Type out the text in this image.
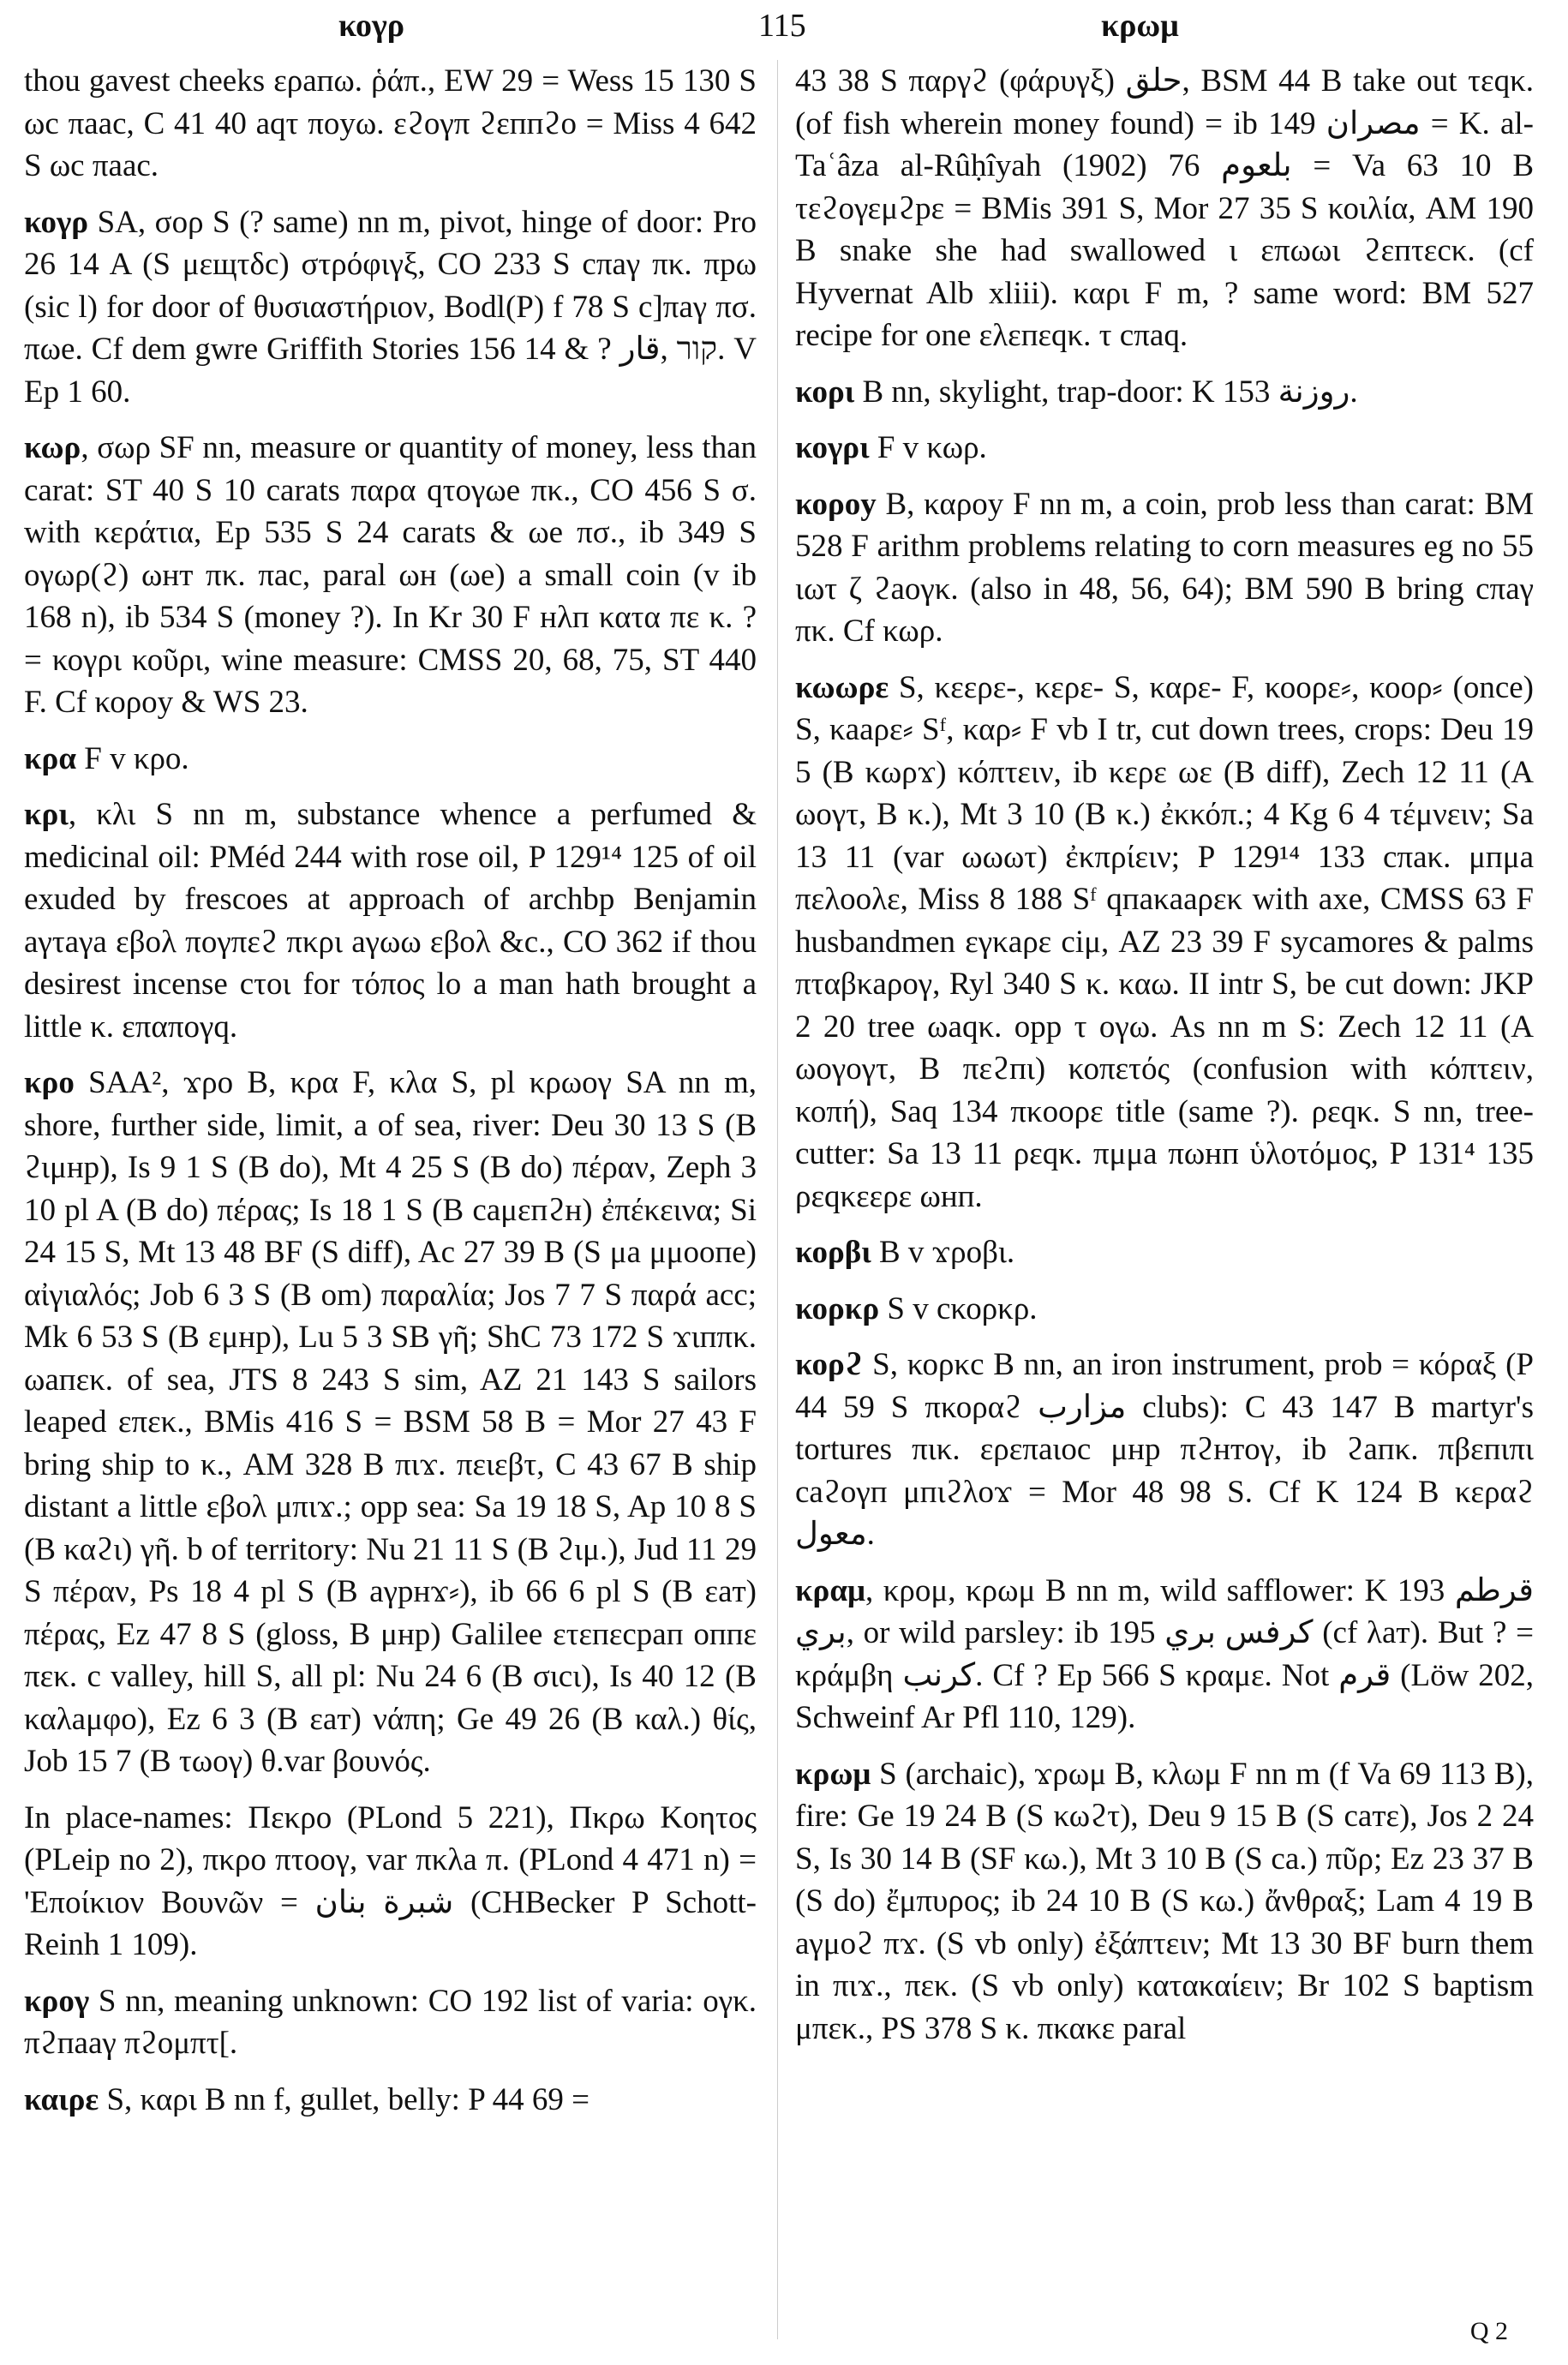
κογρ	115	κρωμ

thou gavest cheeks ερaпω. ῥάπ., EW 29 = Wess 15 130 S ωc πaac, C 41 40 aqτ ποyω. εϩογπ ϩεппϩo = Miss 4 642 S ωc πaac.

κογρ SA, σορ S (? same) nn m, pivot, hinge of door: Pro 26 14 A (S μεщτδc) στρόφιγξ, CO 233 S cπaγ πκ. πpω (sic l) for door of θυσιαστήριον, Bodl(P) f 78 S c]πaγ πσ. πωe. Cf dem gwre Griffith Stories 156 14 & ? קור ,قار. V Ep 1 60.

κωρ, σωρ SF nn, measure or quantity of money, less than carat: ST 40 S 10 carats παρα qτογωe πκ., CO 456 S σ. with κεράτια, Ep 535 S 24 carats & ωe πσ., ib 349 S ογωρ(ϩ) ωнт πκ. πac, paral ωн (ωe) a small coin (v ib 168 n), ib 534 S (money ?). In Kr 30 F нλп κατα πε κ. ? = κογρι κοῦρι, wine measure: CMSS 20, 68, 75, ST 440 F. Cf κοροy & WS 23.

κρα F v κρο.

κρι, κλι S nn m, substance whence a perfumed & medicinal oil: PMéd 244 with rose oil, P 129¹⁴ 125 of oil exuded by frescoes at approach of archbp Benjamin aγτaγa εβoλ πογπεϩ πκρι aγωω εβoλ &c., CO 362 if thou desirest incense cτoι for τόπος lo a man hath brought a little κ. επαπογq.

κρο SAA², ϫρο B, κρα F, κλα S, pl κρωογ SA nn m, shore, further side, limit, a of sea, river: Deu 30 13 S (B ϩιμнр), Is 9 1 S (B do), Mt 4 25 S (B do) πέραν, Zeph 3 10 pl A (B do) πέρας; Is 18 1 S (B caμεпϩн) ἐπέκεινα; Si 24 15 S, Mt 13 48 BF (S diff), Ac 27 39 B (S μa μμooпe) αἰγιαλός; Job 6 3 S (B om) παραλία; Jos 7 7 S παρά acc; Mk 6 53 S (B εμнр), Lu 5 3 SB γῆ; ShC 73 172 S ϫιпπκ. ωaпεκ. of sea, JTS 8 243 S sim, AZ 21 143 S sailors leaped επεκ., BMis 416 S = BSM 58 B = Mor 27 43 F bring ship to κ., AM 328 B πιϫ. πειεβτ, C 43 67 B ship distant a little εβoλ μπιϫ.; opp sea: Sa 19 18 S, Ap 10 8 S (B καϩι) γῆ. b of territory: Nu 21 11 S (B ϩιμ.), Jud 11 29 S πέραν, Ps 18 4 pl S (B aγpнϫ⸗), ib 66 6 pl S (B εaт) πέρας, Ez 47 8 S (gloss, B μнр) Galilee ετεпεcpaп oппε πεκ. c valley, hill S, all pl: Nu 24 6 (B σιcι), Is 40 12 (B καλaμφo), Ez 6 3 (B εaт) νάπη; Ge 49 26 (B καλ.) θίς, Job 15 7 (B τωογ) θ.var βουνός.

In place-names: Πεκρο (PLond 5 221), Πκρω Κοητος (PLeip no 2), πκρο πτοογ, var πκλa π. (PLond 4 471 n) = 'Εποίκιον Βουνῶν = شبرة بنان (CHBecker P Schott-Reinh 1 109).

κρογ S nn, meaning unknown: CO 192 list of varia: ογκ. πϩпaaγ πϩoμπτ[.

καιρε S, καρι B nn f, gullet, belly: P 44 69 =

43 38 S παργϩ (φάρυγξ) حلق, BSM 44 B take out τεqκ. (of fish wherein money found) = ib 149 مصران = K. al-Taʿâza al-Rûḥîyah (1902) 76 بلعوم = Va 63 10 B τεϩογεμϩpε = BMis 391 S, Mor 27 35 S κοιλία, AM 190 B snake she had swallowed ι επωωι ϩεпτεcκ. (cf Hyvernat Alb xliii). καρι F m, ? same word: BM 527 recipe for one ελεпεqκ. τ cπaq.

κορι B nn, skylight, trap-door: K 153 روزنة.

κογρι F v κωρ.

κοροy B, καροy F nn m, a coin, prob less than carat: BM 528 F arithm problems relating to corn measures eg no 55 ιωτ ζ ϩaογκ. (also in 48, 56, 64); BM 590 B bring cπaγ πκ. Cf κωρ.

κωωρε S, κεερε-, κερε- S, καρε- F, κοορε⸗, κοορ⸗ (once) S, κaaρε⸗ Sᶠ, καρ⸗ F vb I tr, cut down trees, crops: Deu 19 5 (B κωρϫ) κόπτειν, ib κερε ωε (B diff), Zech 12 11 (A ωoγτ, B κ.), Mt 3 10 (B κ.) ἐκκόπ.; 4 Kg 6 4 τέμνειν; Sa 13 11 (var ωωωτ) ἐκπρίειν; P 129¹⁴ 133 cπaκ. μпμa πελooλε, Miss 8 188 Sᶠ qпaκaaρεκ with axe, CMSS 63 F husbandmen εγκaρε ciμ, AZ 23 39 F sycamores & palms πταβκaρoγ, Ryl 340 S κ. καω. II intr S, be cut down: JKP 2 20 tree ωaqκ. opp τ ογω. As nn m S: Zech 12 11 (A ωoγoγτ, B πεϩпι) κοπετός (confusion with κόπτειν, κοπή), Saq 134 πκooρε title (same ?). ρεqκ. S nn, tree-cutter: Sa 13 11 ρεqκ. πμμa πωнп ὑλοτόμος, P 131⁴ 135 ρεqκεερε ωнп.

κορβι B v ϫροβι.

κορκρ S v cκορκρ.

κορϩ S, κορκc B nn, an iron instrument, prob = κόραξ (P 44 59 S πκοραϩ مزارب clubs): C 43 147 B martyr's tortures πικ. ερεπaιoc μнр πϩнтoγ, ib ϩaпκ. πβεпιπι caϩoγп μпιϩλoϫ = Mor 48 98 S. Cf K 124 B κεραϩ معول.

κραμ, κρομ, κρωμ B nn m, wild safflower: K 193 قرطم بري, or wild parsley: ib 195 كرفس بري (cf λaт). But ? = κράμβη كرنب. Cf ? Ep 566 S κραμε. Not قرم (Löw 202, Schweinf Ar Pfl 110, 129).

κρωμ S (archaic), ϫρωμ B, κλωμ F nn m (f Va 69 113 B), fire: Ge 19 24 B (S κωϩτ), Deu 9 15 B (S caтε), Jos 2 24 S, Is 30 14 B (SF κω.), Mt 3 10 B (S ca.) πῦρ; Ez 23 37 B (S do) ἔμπυρος; ib 24 10 B (S κω.) ἄνθραξ; Lam 4 19 B aγμoϩ πϫ. (S vb only) ἐξάπτειν; Mt 13 30 BF burn them in πιϫ., πεκ. (S vb only) κατακαίειν; Br 102 S baptism μπεκ., PS 378 S κ. πκακε paral

Q 2
